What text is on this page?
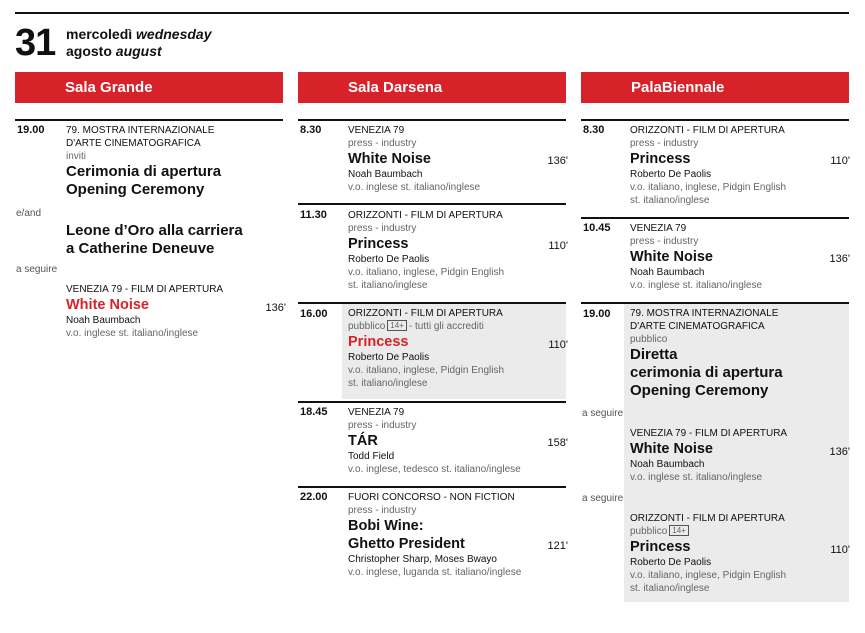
31 mercoledì wednesday
agosto august
Sala Grande	Sala Darsena	PalaBiennale
19.00 79. MOSTRA INTERNAZIONALE
D'ARTE CINEMATOGRAFICA
inviti
Cerimonia di apertura
Opening Ceremony
e/and
Leone d’Oro alla carriera
a Catherine Deneuve
a seguire
VENEZIA 79 - FILM DI APERTURA
White Noise	136'
Noah Baumbach
v.o. inglese st. italiano/inglese
8.30	VENEZIA 79
press - industry
White Noise	136'
Noah Baumbach
v.o. inglese st. italiano/inglese
11.30 ORIZZONTI - FILM DI APERTURA
press - industry
Princess	110'
Roberto De Paolis
v.o. italiano, inglese, Pidgin English
st. italiano/inglese
16.00 ORIZZONTI - FILM DI APERTURA
pubblico 14+ - tutti gli accrediti
Princess	110'
Roberto De Paolis
v.o. italiano, inglese, Pidgin English
st. italiano/inglese
18.45 VENEZIA 79
press - industry
TÁR	158'
Todd Field
v.o. inglese, tedesco st. italiano/inglese
22.00 FUORI CONCORSO - NON FICTION
press - industry
Bobi Wine:
Ghetto President	121'
Christopher Sharp, Moses Bwayo
v.o. inglese, luganda st. italiano/inglese
8.30	ORIZZONTI - FILM DI APERTURA
press - industry
Princess	110'
Roberto De Paolis
v.o. italiano, inglese, Pidgin English
st. italiano/inglese
10.45 VENEZIA 79
press - industry
White Noise	136'
Noah Baumbach
v.o. inglese st. italiano/inglese
19.00 79. MOSTRA INTERNAZIONALE
D'ARTE CINEMATOGRAFICA
pubblico
Diretta
cerimonia di apertura
Opening Ceremony
a seguire
VENEZIA 79 - FILM DI APERTURA
White Noise	136'
Noah Baumbach
v.o. inglese st. italiano/inglese
a seguire
ORIZZONTI - FILM DI APERTURA
pubblico 14+
Princess	110'
Roberto De Paolis
v.o. italiano, inglese, Pidgin English
st. italiano/inglese
